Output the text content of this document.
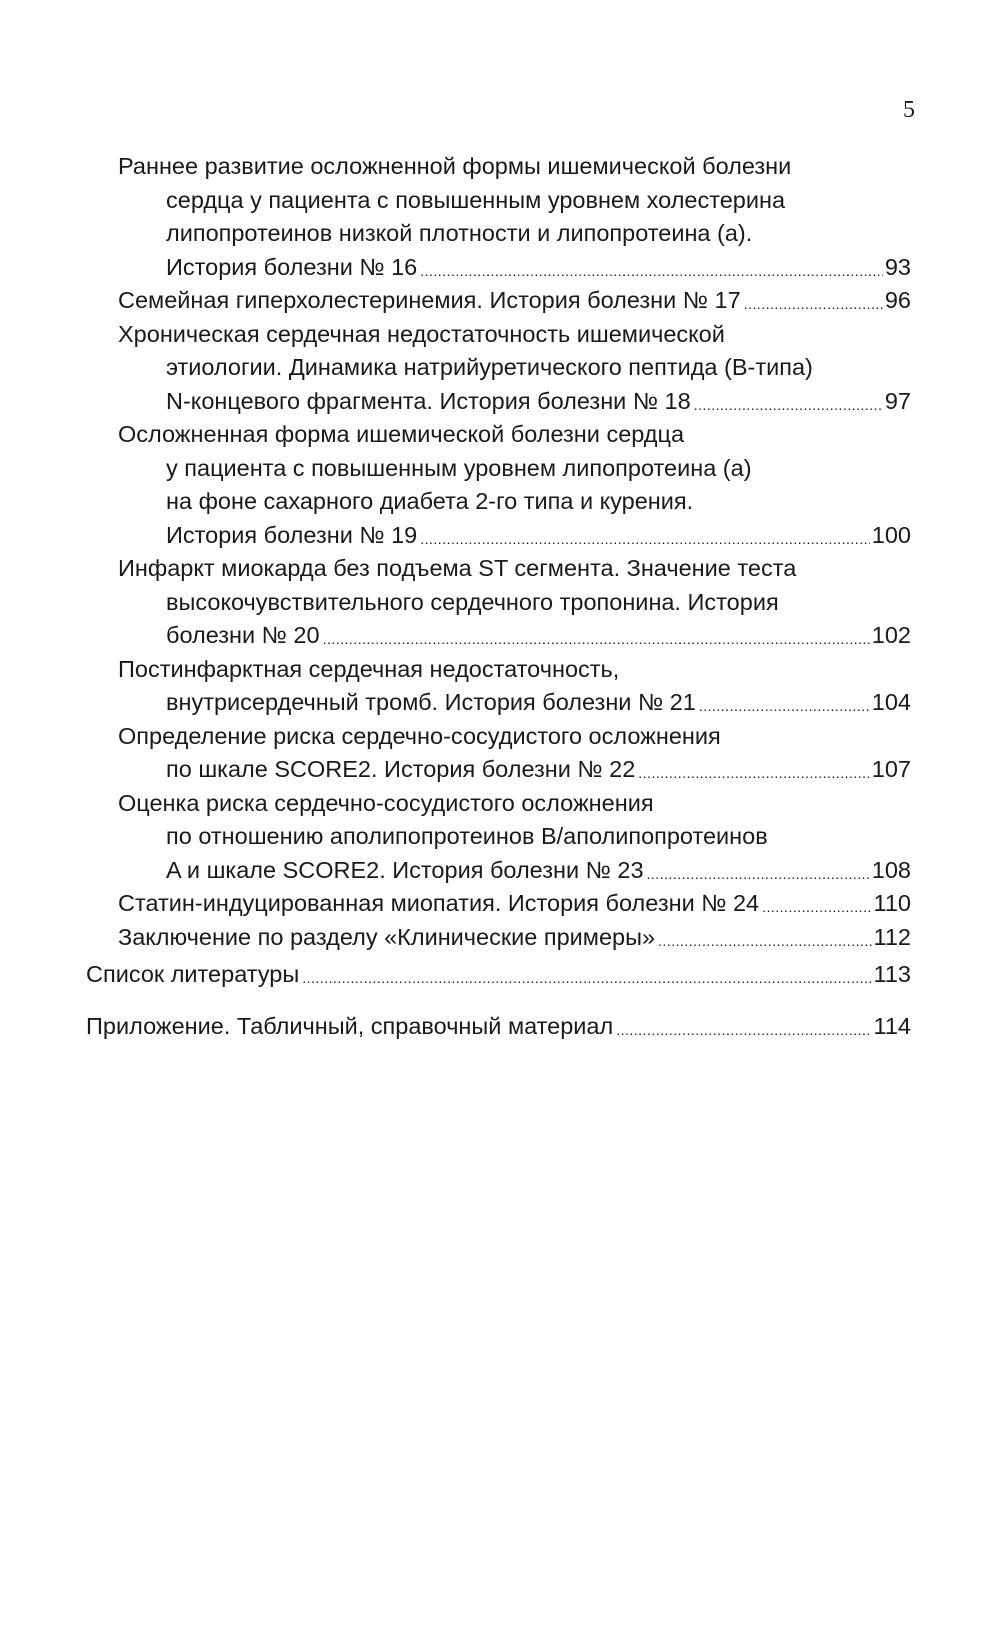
5
Раннее развитие осложненной формы ишемической болезни
сердца у пациента с повышенным уровнем холестерина
липопротеинов низкой плотности и липопротеина (а).
История болезни № 16 .....	93
Семейная гиперхолестеринемия. История болезни № 17 .....	96
Хроническая сердечная недостаточность ишемической
этиологии. Динамика натрийуретического пептида (B-типа)
N-концевого фрагмента. История болезни № 18 .....	97
Осложненная форма ишемической болезни сердца
у пациента с повышенным уровнем липопротеина (а)
на фоне сахарного диабета 2-го типа и курения.
История болезни № 19 .....	100
Инфаркт миокарда без подъема ST сегмента. Значение теста
высокочувствительного сердечного тропонина. История
болезни № 20 .....	102
Постинфарктная сердечная недостаточность,
внутрисердечный тромб. История болезни № 21 .....	104
Определение риска сердечно-сосудистого осложнения
по шкале SCORE2. История болезни № 22 .....	107
Оценка риска сердечно-сосудистого осложнения
по отношению аполипопротеинов B/аполипопротеинов
A и шкале SCORE2. История болезни № 23 .....	108
Статин-индуцированная миопатия. История болезни № 24 .....	110
Заключение по разделу «Клинические примеры» .....	112
Список литературы .....	113
Приложение. Табличный, справочный материал .....	114
